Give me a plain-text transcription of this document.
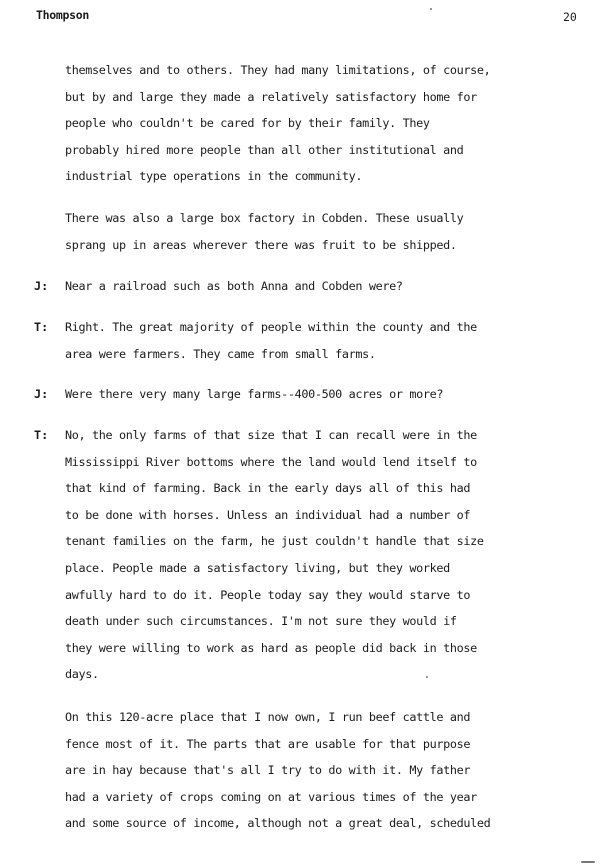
Thompson	20
themselves and to others. They had many limitations, of course,
but by and large they made a relatively satisfactory home for
people who couldn't be cared for by their family. They
probably hired more people than all other institutional and
industrial type operations in the community.
There was also a large box factory in Cobden. These usually
sprang up in areas wherever there was fruit to be shipped.
J: Near a railroad such as both Anna and Cobden were?
T: Right. The great majority of people within the county and the
area were farmers. They came from small farms.
J: Were there very many large farms--400-500 acres or more?
T: No, the only farms of that size that I can recall were in the
Mississippi River bottoms where the land would lend itself to
that kind of farming. Back in the early days all of this had
to be done with horses. Unless an individual had a number of
tenant families on the farm, he just couldn't handle that size
place. People made a satisfactory living, but they worked
awfully hard to do it. People today say they would starve to
death under such circumstances. I'm not sure they would if
they were willing to work as hard as people did back in those
days.
On this 120-acre place that I now own, I run beef cattle and
fence most of it. The parts that are usable for that purpose
are in hay because that's all I try to do with it. My father
had a variety of crops coming on at various times of the year
and some source of income, although not a great deal, scheduled
